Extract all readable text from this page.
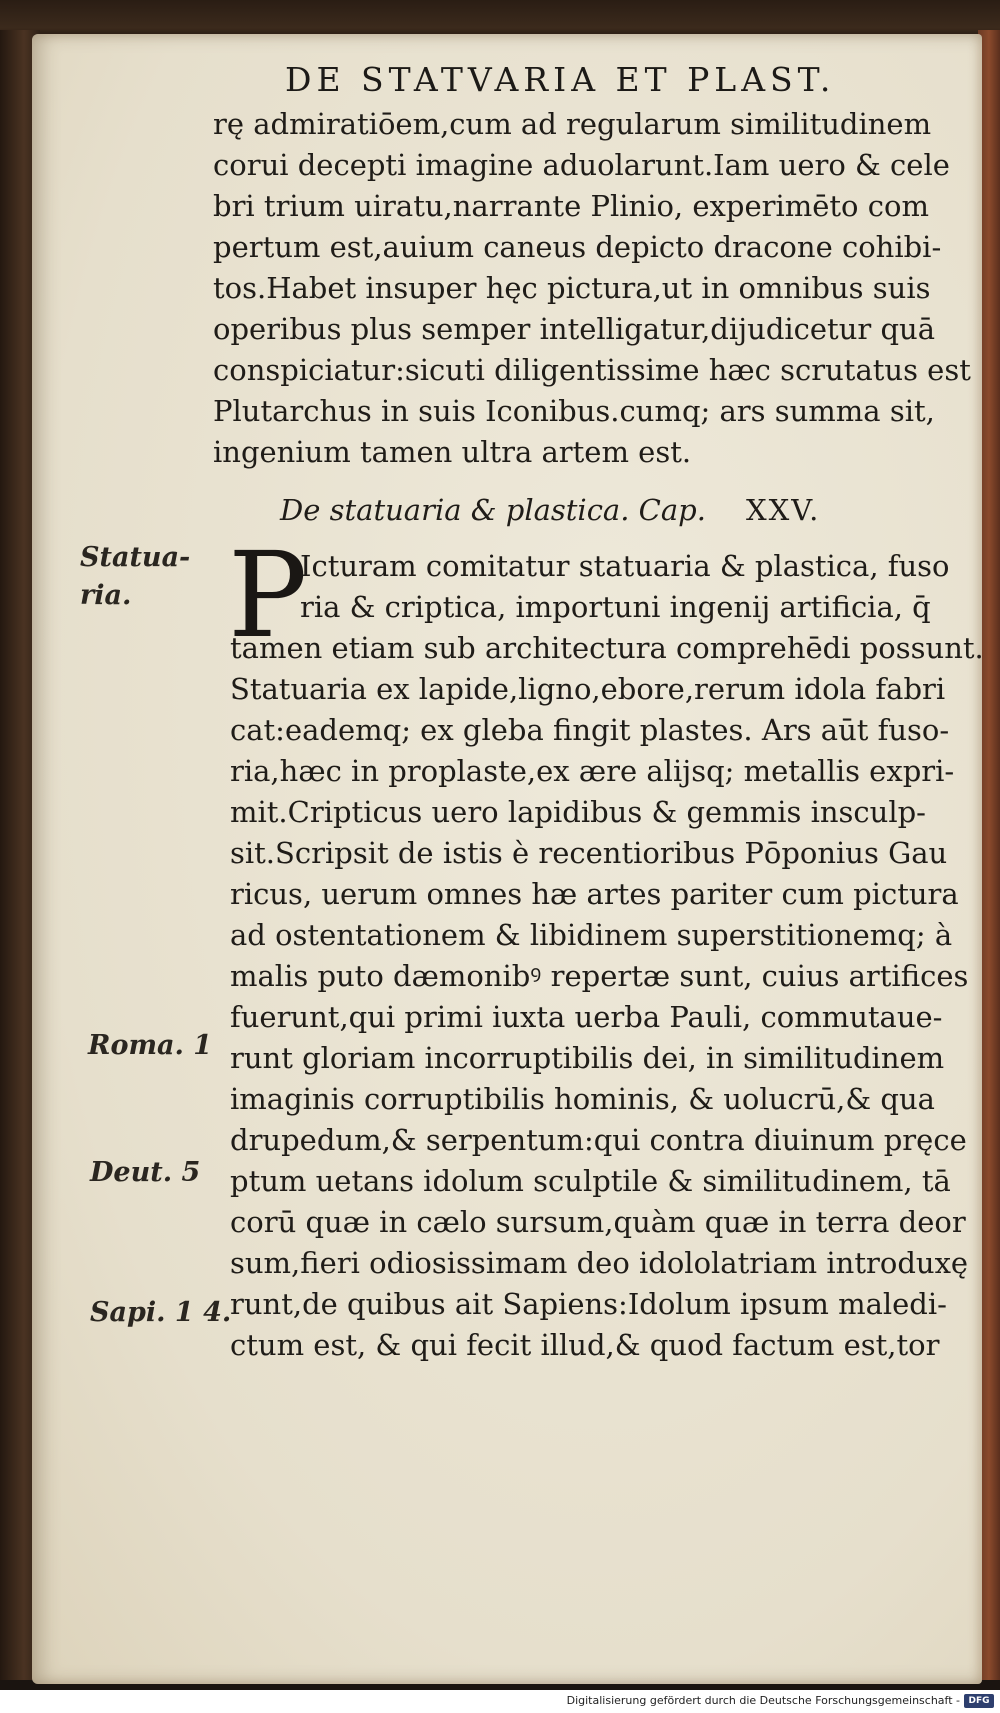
DE STATVARIA ET PLAST.
rę admiratiōem,cum ad regularum similitudinem
corui decepti imagine aduolarunt.Iam uero & cele
bri trium uiratu,narrante Plinio, experimēto com
pertum est,auium caneus depicto dracone cohibi-
tos.Habet insuper hęc pictura,ut in omnibus suis
operibus plus semper intelligatur,dijudicetur quā
conspiciatur:sicuti diligentissime hæc scrutatus est
Plutarchus in suis Iconibus.cumq; ars summa sit,
ingenium tamen ultra artem est.
De statuaria & plastica. Cap. XXV.
P
Icturam comitatur statuaria & plastica, fuso
ria & criptica, importuni ingenij artificia, q̄
tamen etiam sub architectura comprehēdi possunt.
Statuaria ex lapide,ligno,ebore,rerum idola fabri
cat:eademq; ex gleba fingit plastes. Ars aūt fuso-
ria,hæc in proplaste,ex ære alijsq; metallis expri-
mit.Cripticus uero lapidibus & gemmis insculp-
sit.Scripsit de istis è recentioribus Pōponius Gau
ricus, uerum omnes hæ artes pariter cum pictura
ad ostentationem & libidinem superstitionemq; à
malis puto dæmonibꝰ repertæ sunt, cuius artifices
fuerunt,qui primi iuxta uerba Pauli, commutaue-
runt gloriam incorruptibilis dei, in similitudinem
imaginis corruptibilis hominis, & uolucrū,& qua
drupedum,& serpentum:qui contra diuinum pręce
ptum uetans idolum sculptile & similitudinem, tā
corū quæ in cælo sursum,quàm quæ in terra deor
sum,fieri odiosissimam deo idololatriam introduxę
runt,de quibus ait Sapiens:Idolum ipsum maledi-
ctum est, & qui fecit illud,& quod factum est,tor
Statua-
ria.
Roma. 1
Deut. 5
Sapi. 1 4.
Digitalisierung gefördert durch die Deutsche Forschungsgemeinschaft - DFG
